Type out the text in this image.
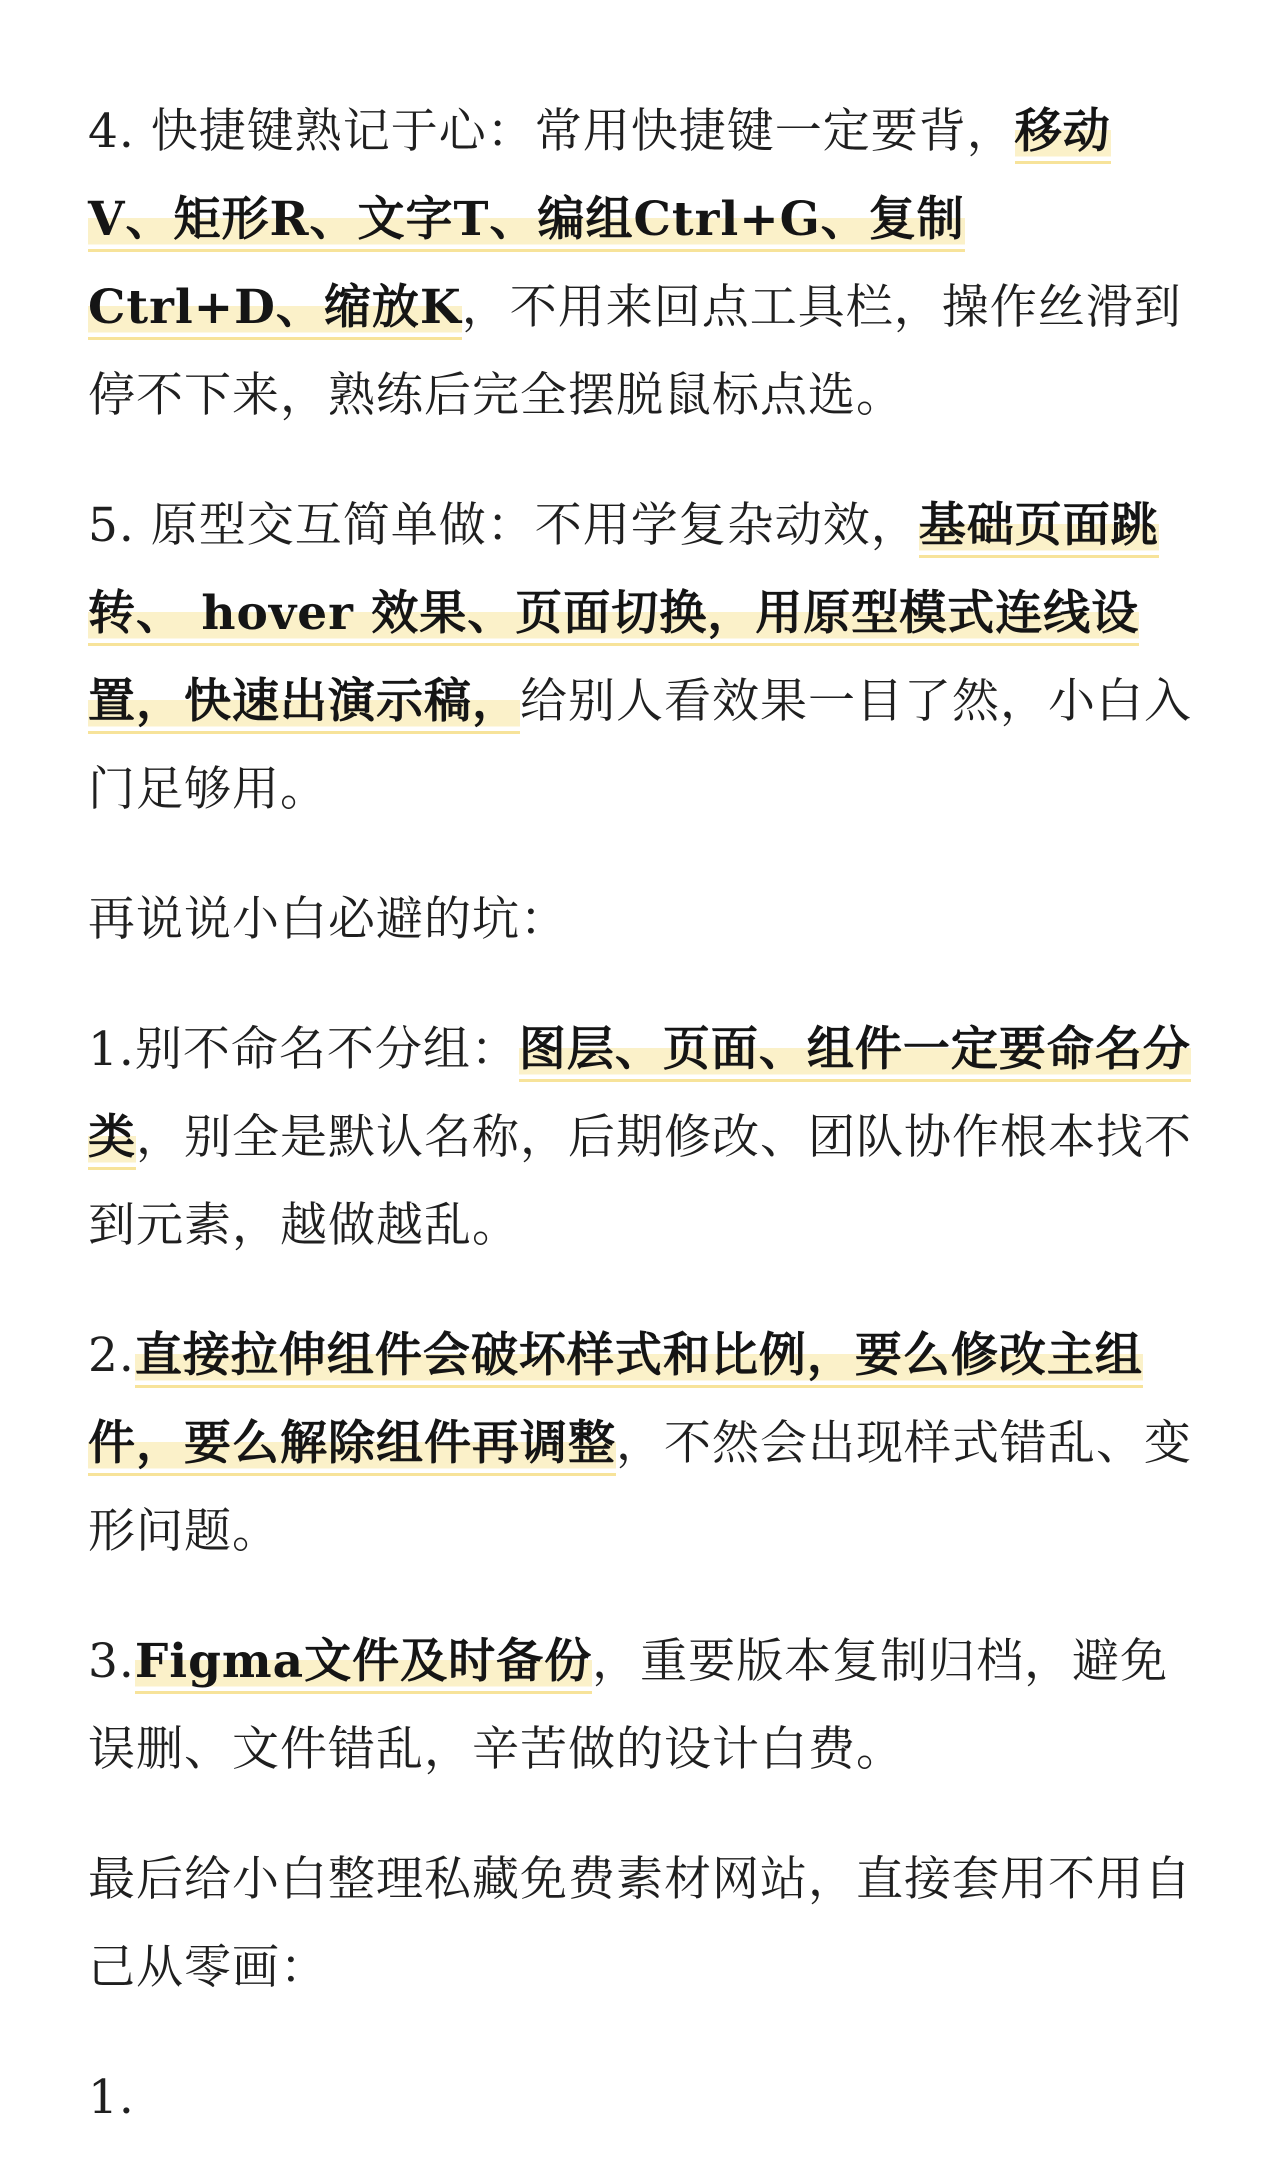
4. 快捷键熟记于心：常用快捷键一定要背，移动V、矩形R、文字T、编组Ctrl+G、复制Ctrl+D、缩放K，不用来回点工具栏，操作丝滑到停不下来，熟练后完全摆脱鼠标点选。

5. 原型交互简单做：不用学复杂动效，基础页面跳转、 hover 效果、页面切换，用原型模式连线设置，快速出演示稿，给别人看效果一目了然，小白入门足够用。

再说说小白必避的坑：

1.别不命名不分组：图层、页面、组件一定要命名分类，别全是默认名称，后期修改、团队协作根本找不到元素，越做越乱。

2.直接拉伸组件会破坏样式和比例，要么修改主组件，要么解除组件再调整，不然会出现样式错乱、变形问题。

3.Figma文件及时备份，重要版本复制归档，避免误删、文件错乱，辛苦做的设计白费。

最后给小白整理私藏免费素材网站，直接套用不用自己从零画：

1.
